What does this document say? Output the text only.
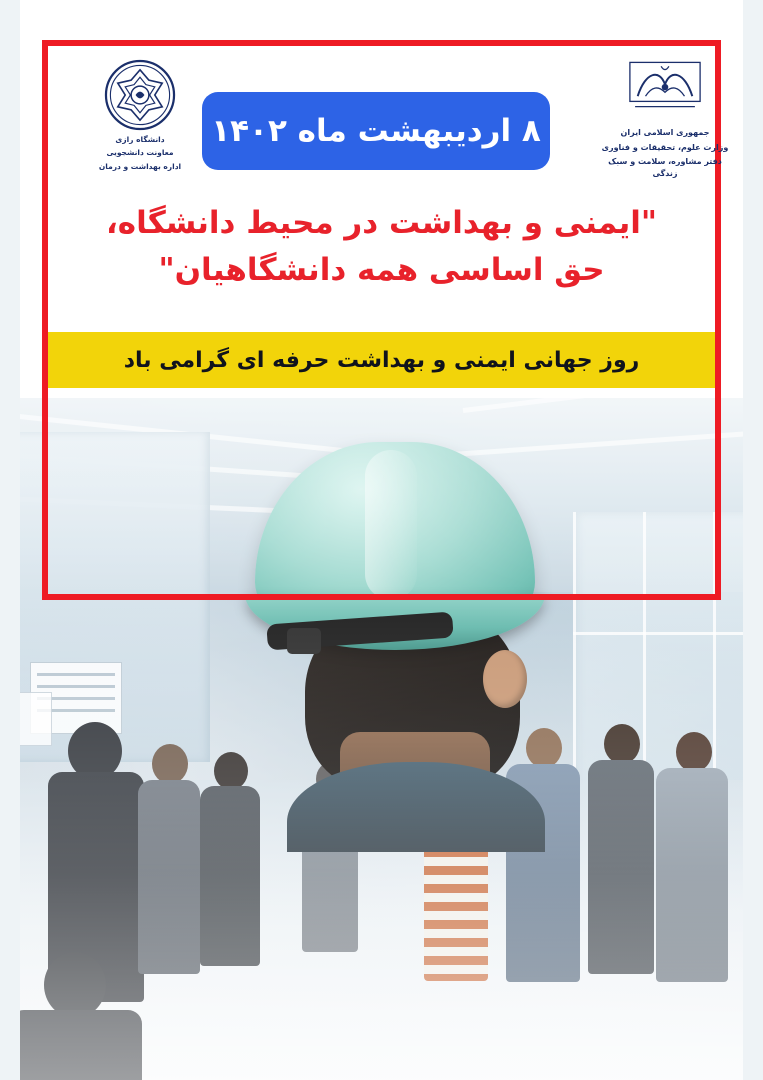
دانشگاه رازی
معاونت دانشجویی
اداره بهداشت و درمان
جمهوری اسلامی ایران
وزارت علوم، تحقیقات و فناوری
دفتر مشاوره، سلامت و سبک زندگی
۸ اردیبهشت ماه ۱۴۰۲
"ایمنی و بهداشت در محیط دانشگاه،
حق اساسی همه دانشگاهیان"
روز جهانی ایمنی و بهداشت حرفه ای گرامی باد
